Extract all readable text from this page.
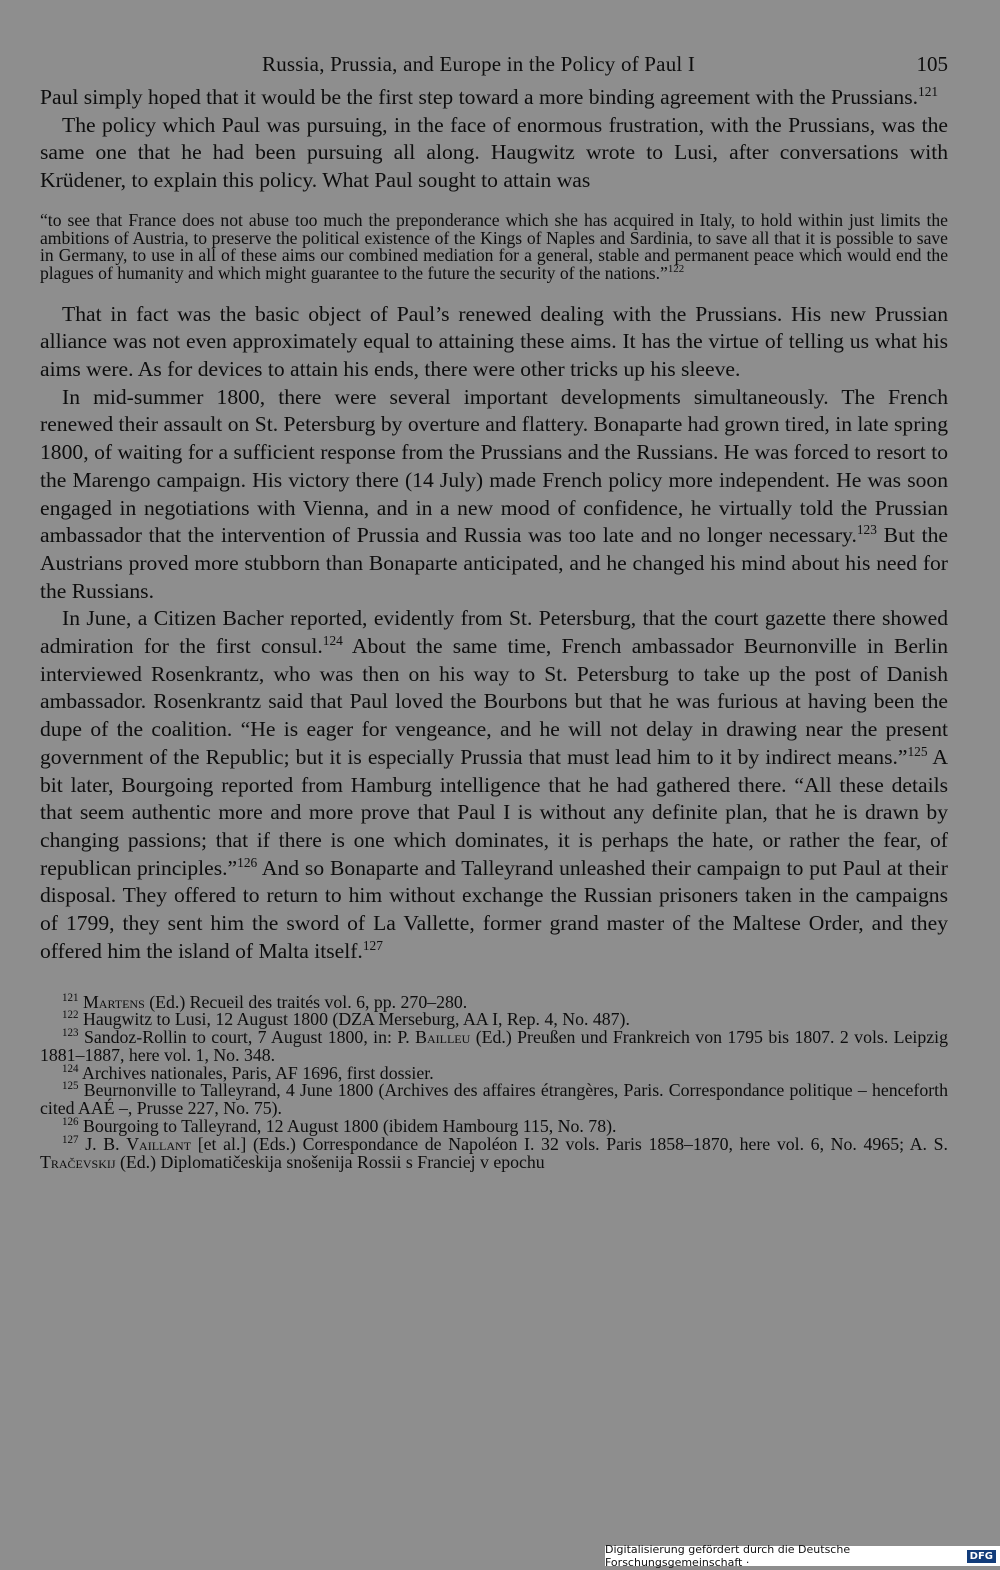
Russia, Prussia, and Europe in the Policy of Paul I	105

Paul simply hoped that it would be the first step toward a more binding agreement with the Prussians.$^{121}$

The policy which Paul was pursuing, in the face of enormous frustration, with the Prussians, was the same one that he had been pursuing all along. Haugwitz wrote to Lusi, after conversations with Krüdener, to explain this policy. What Paul sought to attain was

“to see that France does not abuse too much the preponderance which she has acquired in Italy, to hold within just limits the ambitions of Austria, to preserve the political existence of the Kings of Naples and Sardinia, to save all that it is possible to save in Germany, to use in all of these aims our combined mediation for a general, stable and permanent peace which would end the plagues of humanity and which might guarantee to the future the security of the nations.”$^{122}$

That in fact was the basic object of Paul’s renewed dealing with the Prussians. His new Prussian alliance was not even approximately equal to attaining these aims. It has the virtue of telling us what his aims were. As for devices to attain his ends, there were other tricks up his sleeve.

In mid-summer 1800, there were several important developments simultaneously. The French renewed their assault on St. Petersburg by overture and flattery. Bonaparte had grown tired, in late spring 1800, of waiting for a sufficient response from the Prussians and the Russians. He was forced to resort to the Marengo campaign. His victory there (14 July) made French policy more independent. He was soon engaged in negotiations with Vienna, and in a new mood of confidence, he virtually told the Prussian ambassador that the intervention of Prussia and Russia was too late and no longer necessary.$^{123}$ But the Austrians proved more stubborn than Bonaparte anticipated, and he changed his mind about his need for the Russians.

In June, a Citizen Bacher reported, evidently from St. Petersburg, that the court gazette there showed admiration for the first consul.$^{124}$ About the same time, French ambassador Beurnonville in Berlin interviewed Rosenkrantz, who was then on his way to St. Petersburg to take up the post of Danish ambassador. Rosenkrantz said that Paul loved the Bourbons but that he was furious at having been the dupe of the coalition. “He is eager for vengeance, and he will not delay in drawing near the present government of the Republic; but it is especially Prussia that must lead him to it by indirect means.”$^{125}$ A bit later, Bourgoing reported from Hamburg intelligence that he had gathered there. “All these details that seem authentic more and more prove that Paul I is without any definite plan, that he is drawn by changing passions; that if there is one which dominates, it is perhaps the hate, or rather the fear, of republican principles.”$^{126}$ And so Bonaparte and Talleyrand unleashed their campaign to put Paul at their disposal. They offered to return to him without exchange the Russian prisoners taken in the campaigns of 1799, they sent him the sword of La Vallette, former grand master of the Maltese Order, and they offered him the island of Malta itself.$^{127}$

$^{121}$ Martens (Ed.) Recueil des traités vol. 6, pp. 270–280.

$^{122}$ Haugwitz to Lusi, 12 August 1800 (DZA Merseburg, AA I, Rep. 4, No. 487).

$^{123}$ Sandoz-Rollin to court, 7 August 1800, in: P. Bailleu (Ed.) Preußen und Frankreich von 1795 bis 1807. 2 vols. Leipzig 1881–1887, here vol. 1, No. 348.

$^{124}$ Archives nationales, Paris, AF 1696, first dossier.

$^{125}$ Beurnonville to Talleyrand, 4 June 1800 (Archives des affaires étrangères, Paris. Correspondance politique – henceforth cited AAÉ –, Prusse 227, No. 75).

$^{126}$ Bourgoing to Talleyrand, 12 August 1800 (ibidem Hambourg 115, No. 78).

$^{127}$ J. B. Vaillant [et al.] (Eds.) Correspondance de Napoléon I. 32 vols. Paris 1858–1870, here vol. 6, No. 4965; A. S. Tračevskij (Ed.) Diplomatičeskija snošenija Rossii s Franciej v epochu

Digitalisierung gefördert durch die Deutsche Forschungsgemeinschaft ·	DFG
